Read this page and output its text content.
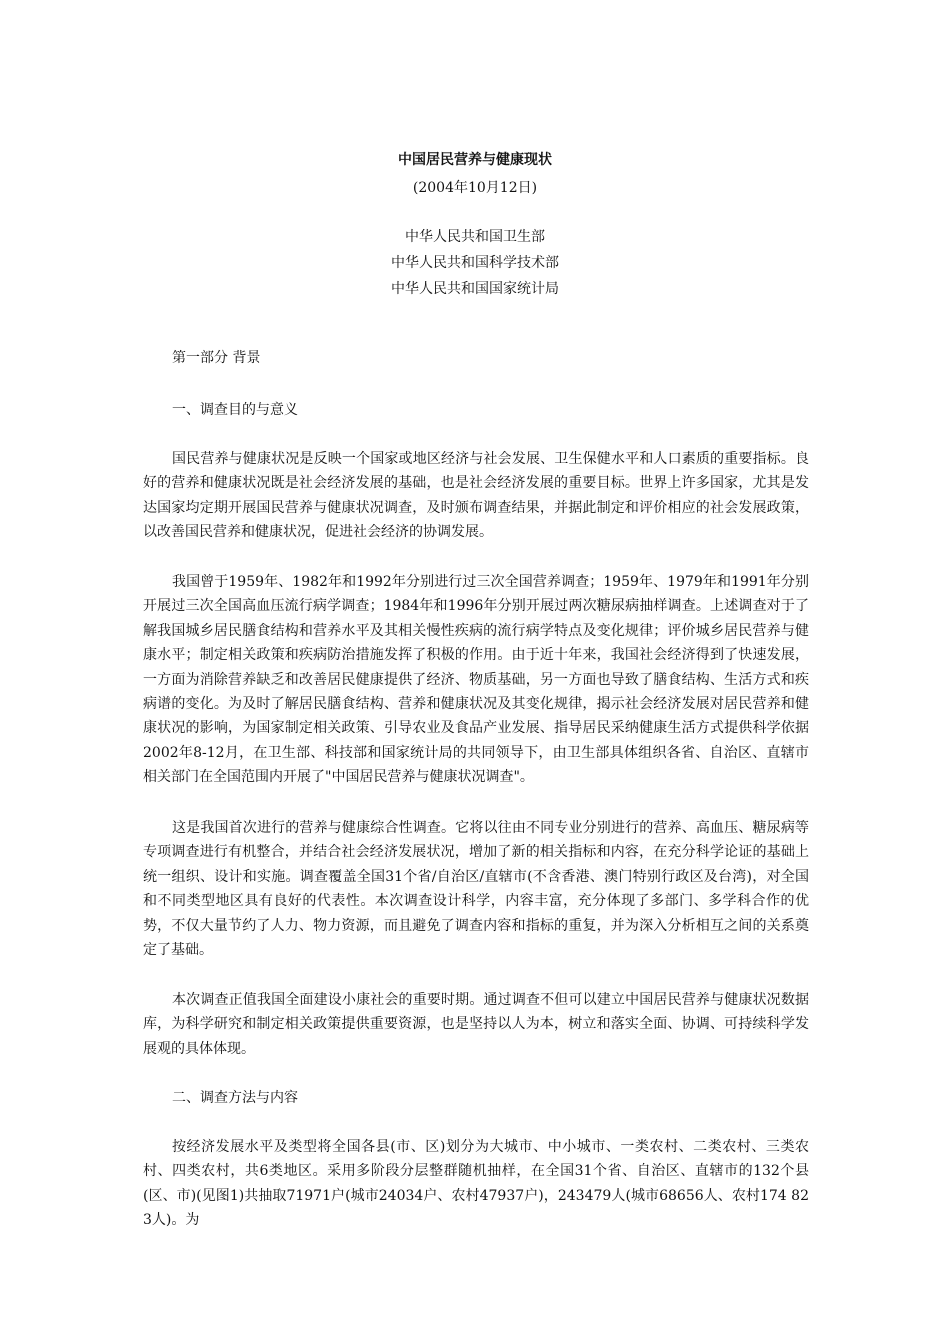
中国居民营养与健康现状

(2004年10月12日)

中华人民共和国卫生部
中华人民共和国科学技术部
中华人民共和国国家统计局

第一部分 背景

一、调查目的与意义

国民营养与健康状况是反映一个国家或地区经济与社会发展、卫生保健水平和人口素质的重要指标。良好的营养和健康状况既是社会经济发展的基础，也是社会经济发展的重要目标。世界上许多国家，尤其是发达国家均定期开展国民营养与健康状况调查，及时颁布调查结果，并据此制定和评价相应的社会发展政策，以改善国民营养和健康状况，促进社会经济的协调发展。

我国曾于1959年、1982年和1992年分别进行过三次全国营养调查；1959年、1979年和1991年分别开展过三次全国高血压流行病学调查；1984年和1996年分别开展过两次糖尿病抽样调查。上述调查对于了解我国城乡居民膳食结构和营养水平及其相关慢性疾病的流行病学特点及变化规律；评价城乡居民营养与健康水平；制定相关政策和疾病防治措施发挥了积极的作用。由于近十年来，我国社会经济得到了快速发展，一方面为消除营养缺乏和改善居民健康提供了经济、物质基础，另一方面也导致了膳食结构、生活方式和疾病谱的变化。为及时了解居民膳食结构、营养和健康状况及其变化规律，揭示社会经济发展对居民营养和健康状况的影响，为国家制定相关政策、引导农业及食品产业发展、指导居民采纳健康生活方式提供科学依据2002年8-12月，在卫生部、科技部和国家统计局的共同领导下，由卫生部具体组织各省、自治区、直辖市相关部门在全国范围内开展了"中国居民营养与健康状况调查"。

这是我国首次进行的营养与健康综合性调查。它将以往由不同专业分别进行的营养、高血压、糖尿病等专项调查进行有机整合，并结合社会经济发展状况，增加了新的相关指标和内容，在充分科学论证的基础上统一组织、设计和实施。调查覆盖全国31个省/自治区/直辖市(不含香港、澳门特别行政区及台湾)，对全国和不同类型地区具有良好的代表性。本次调查设计科学，内容丰富，充分体现了多部门、多学科合作的优势，不仅大量节约了人力、物力资源，而且避免了调查内容和指标的重复，并为深入分析相互之间的关系奠定了基础。

本次调查正值我国全面建设小康社会的重要时期。通过调查不但可以建立中国居民营养与健康状况数据库，为科学研究和制定相关政策提供重要资源，也是坚持以人为本，树立和落实全面、协调、可持续科学发展观的具体体现。

二、调查方法与内容

按经济发展水平及类型将全国各县(市、区)划分为大城市、中小城市、一类农村、二类农村、三类农村、四类农村，共6类地区。采用多阶段分层整群随机抽样，在全国31个省、自治区、直辖市的132个县(区、市)(见图1)共抽取71971户(城市24034户、农村47937户)，243479人(城市68656人、农村174 823人)。为
